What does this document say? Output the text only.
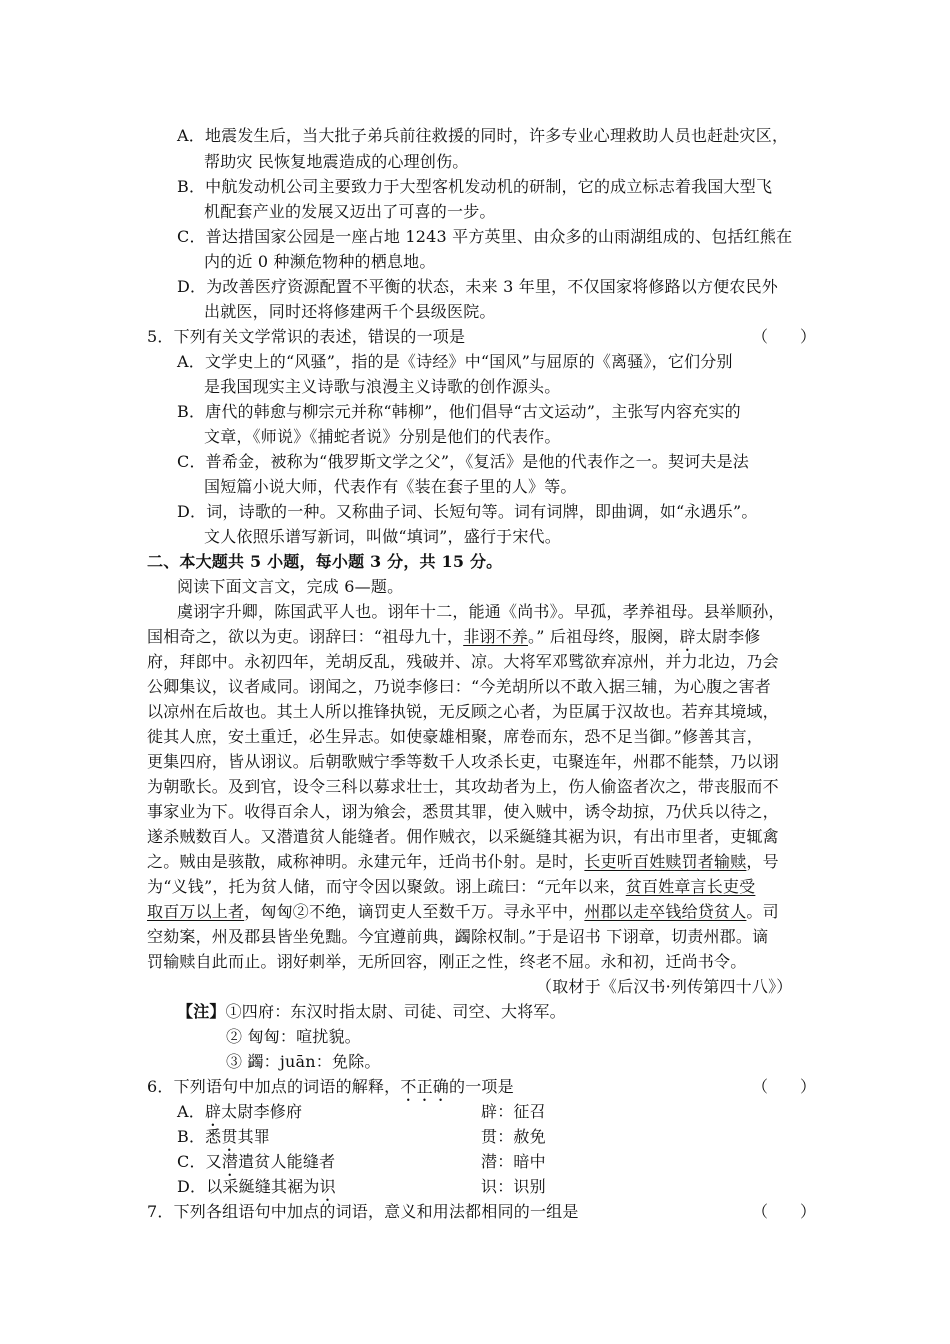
A．地震发生后，当大批子弟兵前往救援的同时，许多专业心理救助人员也赶赴灾区，
帮助灾 民恢复地震造成的心理创伤。
B．中航发动机公司主要致力于大型客机发动机的研制，它的成立标志着我国大型飞
机配套产业的发展又迈出了可喜的一步。
C．普达措国家公园是一座占地 1243 平方英里、由众多的山雨湖组成的、包括红熊在
内的近 0 种濒危物种的栖息地。
D．为改善医疗资源配置不平衡的状态，未来 3 年里，不仅国家将修路以方便农民外
出就医，同时还将修建两千个县级医院。
5．下列有关文学常识的表述，错误的一项是	（　　）
A．文学史上的“风骚”，指的是《诗经》中“国风”与屈原的《离骚》，它们分别
是我国现实主义诗歌与浪漫主义诗歌的创作源头。
B．唐代的韩愈与柳宗元并称“韩柳”，他们倡导“古文运动”，主张写内容充实的
文章，《师说》《捕蛇者说》分别是他们的代表作。
C．普希金，被称为“俄罗斯文学之父”，《复活》是他的代表作之一。契诃夫是法
国短篇小说大师，代表作有《装在套子里的人》等。
D．词，诗歌的一种。又称曲子词、长短句等。词有词牌，即曲调，如“永遇乐”。
文人依照乐谱写新词，叫做“填词”，盛行于宋代。
二、本大题共 5 小题，每小题 3 分，共 15 分。
阅读下面文言文，完成 6—题。
虞诩字升卿，陈国武平人也。诩年十二，能通《尚书》。早孤，孝养祖母。县举顺孙，
国相奇之，欲以为吏。诩辞曰：“祖母九十，非诩不养。” 后祖母终，服阕，辟太尉李修
府，拜郎中。永初四年，羌胡反乱，残破并、凉。大将军邓骘欲弃凉州，并力北边，乃会
公卿集议，议者咸同。诩闻之，乃说李修曰：“今羌胡所以不敢入据三辅，为心腹之害者
以凉州在后故也。其土人所以推锋执锐，无反顾之心者，为臣属于汉故也。若弃其境域，
徙其人庶，安土重迁，必生异志。如使豪雄相聚，席卷而东，恐不足当御。”修善其言，
更集四府，皆从诩议。后朝歌贼宁季等数千人攻杀长吏，屯聚连年，州郡不能禁，乃以诩
为朝歌长。及到官，设令三科以募求壮士，其攻劫者为上，伤人偷盗者次之，带丧服而不
事家业为下。收得百余人，诩为飨会，悉贯其罪，使入贼中，诱令劫掠，乃伏兵以待之，
遂杀贼数百人。又潜遣贫人能缝者。佣作贼衣，以采綖缝其裾为识，有出市里者，吏辄禽
之。贼由是骇散，咸称神明。永建元年，迁尚书仆射。是时，长吏听百姓赎罚者输赎，号
为“义钱”，托为贫人储，而守令因以聚敛。诩上疏曰：“元年以来，贫百姓章言长吏受
取百万以上者，匈匈②不绝，谪罚吏人至数千万。寻永平中，州郡以走卒钱给贷贫人。司
空劾案，州及郡县皆坐免黜。今宜遵前典，蠲除权制。”于是诏书 下诩章，切责州郡。谪
罚输赎自此而止。诩好刺举，无所回容，刚正之性，终老不屈。永和初，迁尚书令。
（取材于《后汉书·列传第四十八》）
【注】①四府：东汉时指太尉、司徒、司空、大将军。
② 匈匈：喧扰貌。
③ 蠲：juān：免除。
6．下列语句中加点的词语的解释，不正确的一项是	（　　）
A．辟太尉李修府	辟：征召
B．悉贯其罪	贯：赦免
C．又潜遣贫人能缝者	潜：暗中
D．以采綖缝其裾为识	识：识别
7．下列各组语句中加点的词语，意义和用法都相同的一组是	（　　）
